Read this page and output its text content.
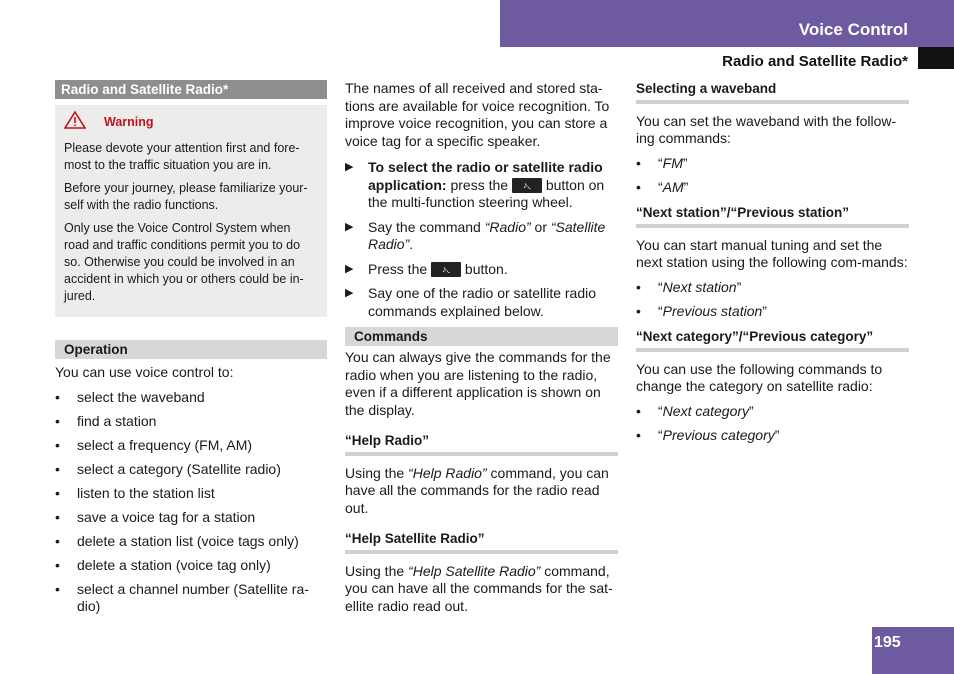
Voice Control
Radio and Satellite Radio*
Radio and Satellite Radio*
Warning

Please devote your attention first and fore-most to the traffic situation you are in.

Before your journey, please familiarize your-self with the radio functions.

Only use the Voice Control System when road and traffic conditions permit you to do so. Otherwise you could be involved in an accident in which you or others could be in-jured.

Operation

You can use voice control to:

• select the waveband
• find a station
• select a frequency (FM, AM)
• select a category (Satellite radio)
• listen to the station list
• save a voice tag for a station
• delete a station list (voice tags only)
• delete a station (voice tag only)
• select a channel number (Satellite ra-dio)

The names of all received and stored sta-tions are available for voice recognition. To improve voice recognition, you can store a voice tag for a specific speaker.

▶ To select the radio or satellite radio application: press the ♪◟ button on the multi-function steering wheel.
▶ Say the command “Radio” or “Satellite Radio”.
▶ Press the ♪◟ button.
▶ Say one of the radio or satellite radio commands explained below.
Commands

You can always give the commands for the radio when you are listening to the radio, even if a different application is shown on the display.

“Help Radio”

Using the “Help Radio” command, you can have all the commands for the radio read out.

“Help Satellite Radio”

Using the “Help Satellite Radio” command, you can have all the commands for the sat-ellite radio read out.

Selecting a waveband

You can set the waveband with the follow-ing commands:

• “FM”
• “AM”
“Next station”/“Previous station”

You can start manual tuning and set the next station using the following com-mands:

• “Next station”
• “Previous station”
“Next category”/“Previous category”

You can use the following commands to change the category on satellite radio:

• “Next category”
• “Previous category”
195
